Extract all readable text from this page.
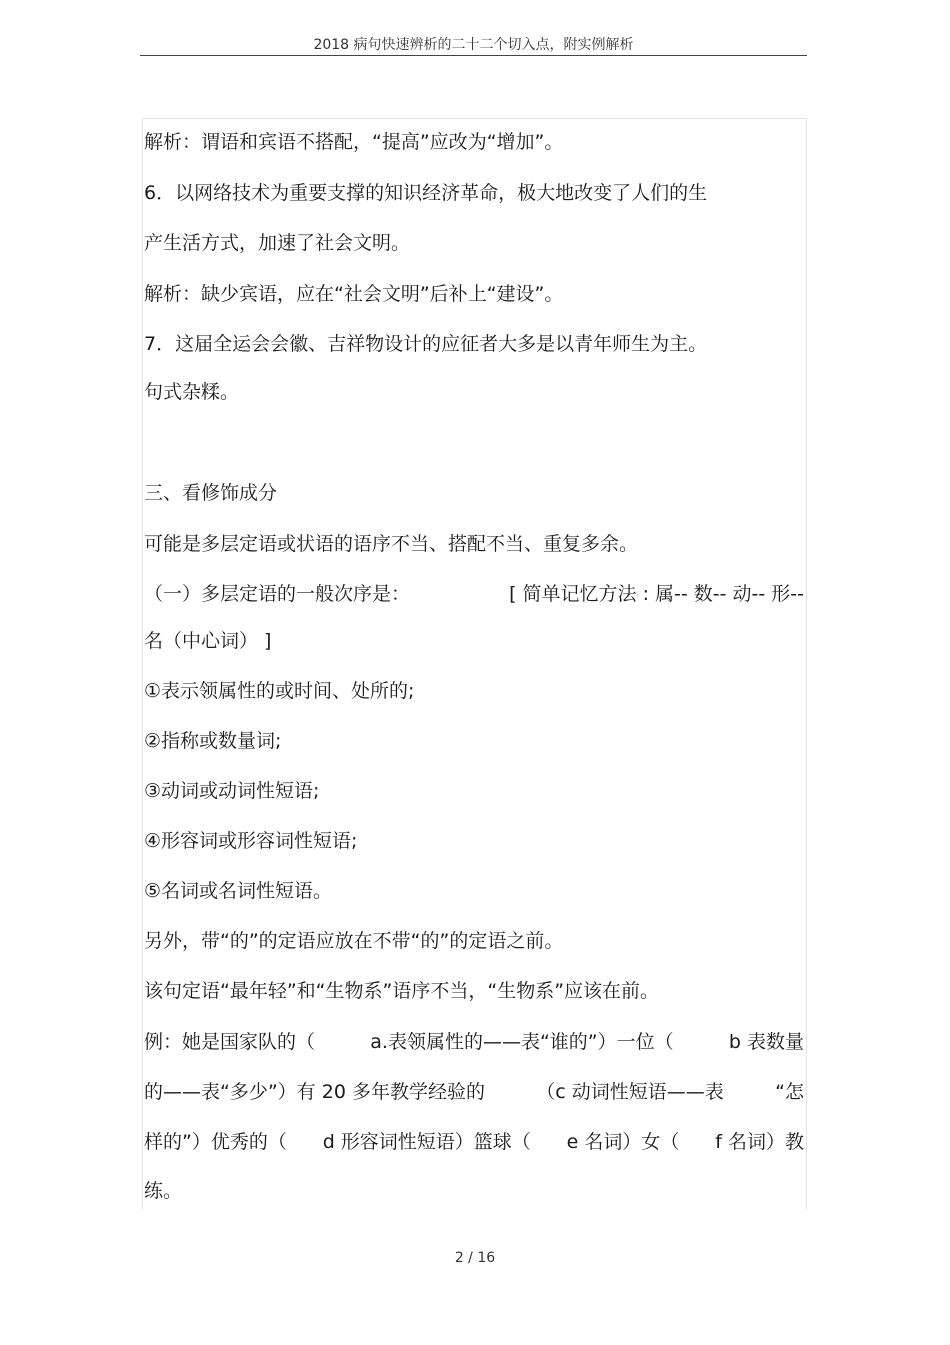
2018 病句快速辨析的二十二个切入点，附实例解析
解析：谓语和宾语不搭配，“提高”应改为“增加”。
6．以网络技术为重要支撑的知识经济革命，极大地改变了人们的生
产生活方式，加速了社会文明。
解析：缺少宾语，应在“社会文明”后补上“建设”。
7．这届全运会会徽、吉祥物设计的应征者大多是以青年师生为主。
句式杂糅。
三、看修饰成分
可能是多层定语或状语的语序不当、搭配不当、重复多余。
（一）多层定语的一般次序是：	[ 简单记忆方法 : 属-- 数-- 动-- 形--
名（中心词） ]
①表示领属性的或时间、处所的;
②指称或数量词;
③动词或动词性短语;
④形容词或形容词性短语;
⑤名词或名词性短语。
另外，带“的”的定语应放在不带“的”的定语之前。
该句定语“最年轻”和“生物系”语序不当，“生物系”应该在前。
例：她是国家队的（	a.表领属性的——表“谁的”）一位（	b 表数量
的——表“多少”）有 20 多年教学经验的	（c 动词性短语——表	“怎
样的”）优秀的（ d 形容词性短语）篮球（ e 名词）女（ f 名词）教
练。
2 / 16
